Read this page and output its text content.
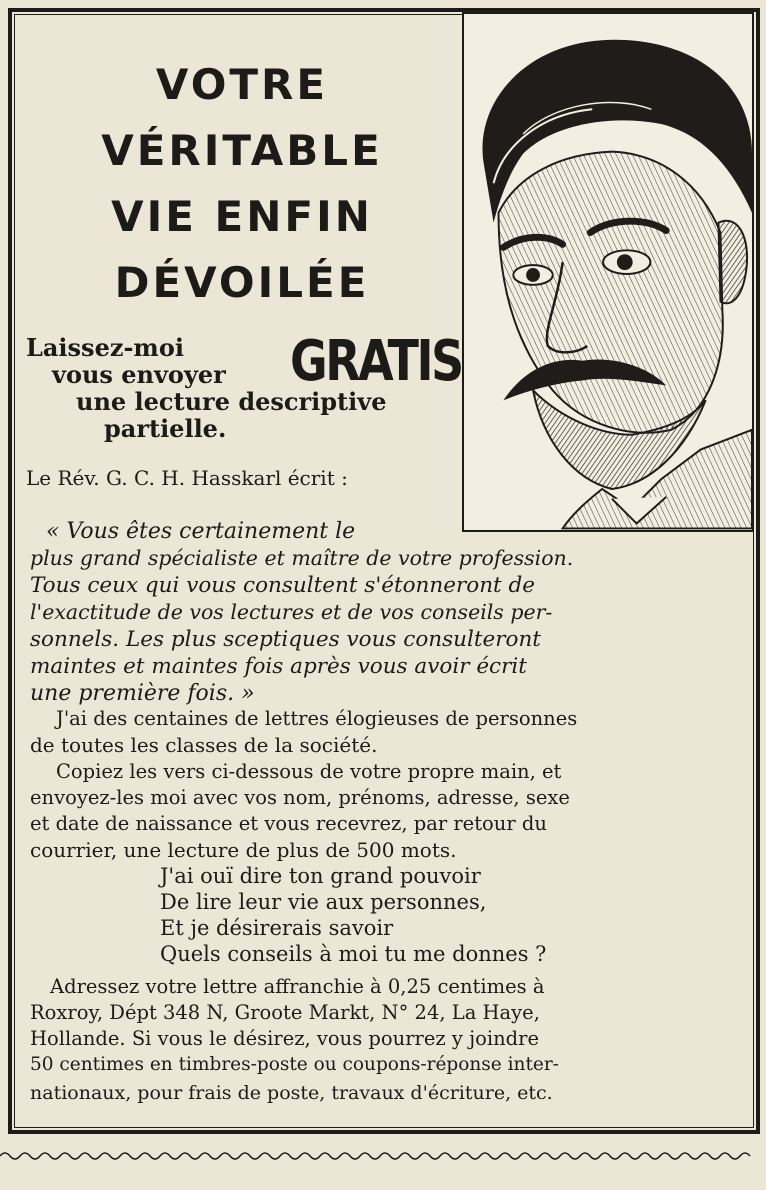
VOTRE
VÉRITABLE
VIE ENFIN
DÉVOILÉE
Laissez-moi
vous envoyer GRATIS
une lecture descriptive
partielle.
Le Rév. G. C. H. Hasskarl écrit :
« Vous êtes certainement le
plus grand spécialiste et maître de votre profession.
Tous ceux qui vous consultent s'étonneront de
l'exactitude de vos lectures et de vos conseils per-
sonnels. Les plus sceptiques vous consulteront
maintes et maintes fois après vous avoir écrit
une première fois. »
J'ai des centaines de lettres élogieuses de personnes
de toutes les classes de la société.
Copiez les vers ci-dessous de votre propre main, et
envoyez-les moi avec vos nom, prénoms, adresse, sexe
et date de naissance et vous recevrez, par retour du
courrier, une lecture de plus de 500 mots.
J'ai ouï dire ton grand pouvoir
De lire leur vie aux personnes,
Et je désirerais savoir
Quels conseils à moi tu me donnes ?
Adressez votre lettre affranchie à 0,25 centimes à
Roxroy, Dépt 348 N, Groote Markt, N° 24, La Haye,
Hollande. Si vous le désirez, vous pourrez y joindre
50 centimes en timbres-poste ou coupons-réponse inter-
nationaux, pour frais de poste, travaux d'écriture, etc.
